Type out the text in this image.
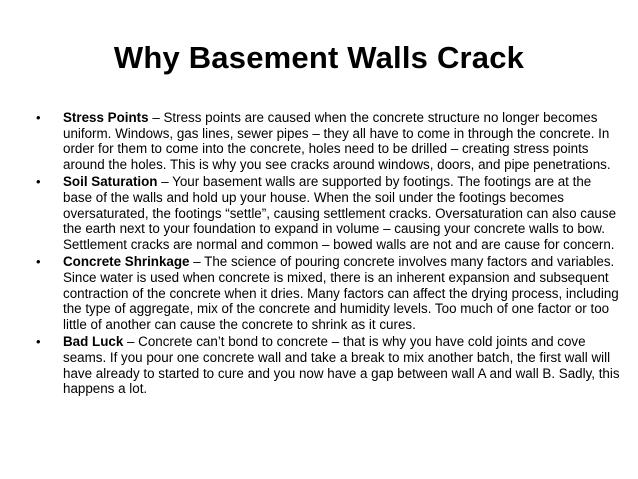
Why Basement Walls Crack
• Stress Points – Stress points are caused when the concrete structure no longer becomes uniform. Windows, gas lines, sewer pipes – they all have to come in through the concrete. In order for them to come into the concrete, holes need to be drilled – creating stress points around the holes. This is why you see cracks around windows, doors, and pipe penetrations.
• Soil Saturation – Your basement walls are supported by footings. The footings are at the base of the walls and hold up your house. When the soil under the footings becomes oversaturated, the footings “settle”, causing settlement cracks. Oversaturation can also cause the earth next to your foundation to expand in volume – causing your concrete walls to bow. Settlement cracks are normal and common – bowed walls are not and are cause for concern.
• Concrete Shrinkage – The science of pouring concrete involves many factors and variables. Since water is used when concrete is mixed, there is an inherent expansion and subsequent contraction of the concrete when it dries. Many factors can affect the drying process, including the type of aggregate, mix of the concrete and humidity levels. Too much of one factor or too little of another can cause the concrete to shrink as it cures.
• Bad Luck – Concrete can’t bond to concrete – that is why you have cold joints and cove seams. If you pour one concrete wall and take a break to mix another batch, the first wall will have already to started to cure and you now have a gap between wall A and wall B. Sadly, this happens a lot.
